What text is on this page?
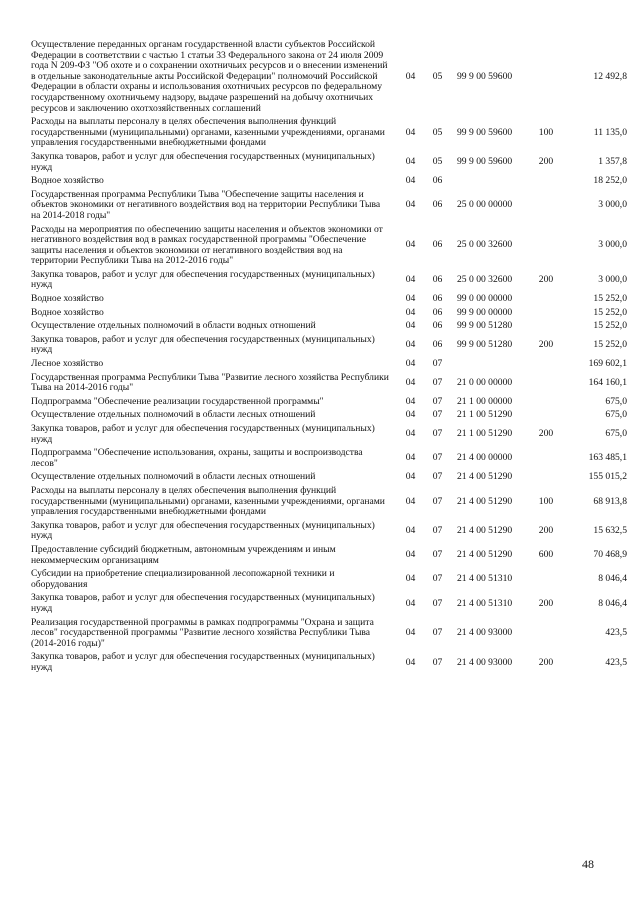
Осуществление переданных органам государственной власти субъектов Российской Федерации в соответствии с частью 1 статьи 33 Федерального закона от 24 июля 2009 года N 209-ФЗ "Об охоте и о сохранении охотничьих ресурсов и о внесении изменений в отдельные законодательные акты Российской Федерации" полномочий Российской Федерации в области охраны и использования охотничьих ресурсов по федеральному государственному охотничьему надзору, выдаче разрешений на добычу охотничьих ресурсов и заключению охотхозяйственных соглашений	04	05	99 9 00 59600		12 492,8
Расходы на выплаты персоналу в целях обеспечения выполнения функций государственными (муниципальными) органами, казенными учреждениями, органами управления государственными внебюджетными фондами	04	05	99 9 00 59600	100	11 135,0
Закупка товаров, работ и услуг для обеспечения государственных (муниципальных) нужд	04	05	99 9 00 59600	200	1 357,8
Водное хозяйство	04	06			18 252,0
Государственная программа Республики Тыва "Обеспечение защиты населения и объектов экономики от негативного воздействия вод на территории Республики Тыва на 2014-2018 годы"	04	06	25 0 00 00000		3 000,0
Расходы на мероприятия по обеспечению защиты населения и объектов экономики от негативного воздействия вод в рамках государственной программы "Обеспечение защиты населения и объектов экономики от негативного воздействия вод на территории Республики Тыва на 2012-2016 годы"	04	06	25 0 00 32600		3 000,0
Закупка товаров, работ и услуг для обеспечения государственных (муниципальных) нужд	04	06	25 0 00 32600	200	3 000,0
Водное хозяйство	04	06	99 0 00 00000		15 252,0
Водное хозяйство	04	06	99 9 00 00000		15 252,0
Осуществление отдельных полномочий в области водных отношений	04	06	99 9 00 51280		15 252,0
Закупка товаров, работ и услуг для обеспечения государственных (муниципальных) нужд	04	06	99 9 00 51280	200	15 252,0
Лесное хозяйство	04	07			169 602,1
Государственная программа Республики Тыва "Развитие лесного хозяйства Республики Тыва на 2014-2016 годы"	04	07	21 0 00 00000		164 160,1
Подпрограмма "Обеспечение реализации государственной программы"	04	07	21 1 00 00000		675,0
Осуществление отдельных полномочий в области лесных отношений	04	07	21 1 00 51290		675,0
Закупка товаров, работ и услуг для обеспечения государственных (муниципальных) нужд	04	07	21 1 00 51290	200	675,0
Подпрограмма "Обеспечение использования, охраны, защиты и воспроизводства лесов"	04	07	21 4 00 00000		163 485,1
Осуществление отдельных полномочий в области лесных отношений	04	07	21 4 00 51290		155 015,2
Расходы на выплаты персоналу в целях обеспечения выполнения функций государственными (муниципальными) органами, казенными учреждениями, органами управления государственными внебюджетными фондами	04	07	21 4 00 51290	100	68 913,8
Закупка товаров, работ и услуг для обеспечения государственных (муниципальных) нужд	04	07	21 4 00 51290	200	15 632,5
Предоставление субсидий бюджетным, автономным учреждениям и иным некоммерческим организациям	04	07	21 4 00 51290	600	70 468,9
Субсидии на приобретение специализированной лесопожарной техники и оборудования	04	07	21 4 00 51310		8 046,4
Закупка товаров, работ и услуг для обеспечения государственных (муниципальных) нужд	04	07	21 4 00 51310	200	8 046,4
Реализация государственной программы в рамках подпрограммы "Охрана и защита лесов" государственной программы "Развитие лесного хозяйства Республики Тыва (2014-2016 годы)"	04	07	21 4 00 93000		423,5
Закупка товаров, работ и услуг для обеспечения государственных (муниципальных) нужд	04	07	21 4 00 93000	200	423,5
48
